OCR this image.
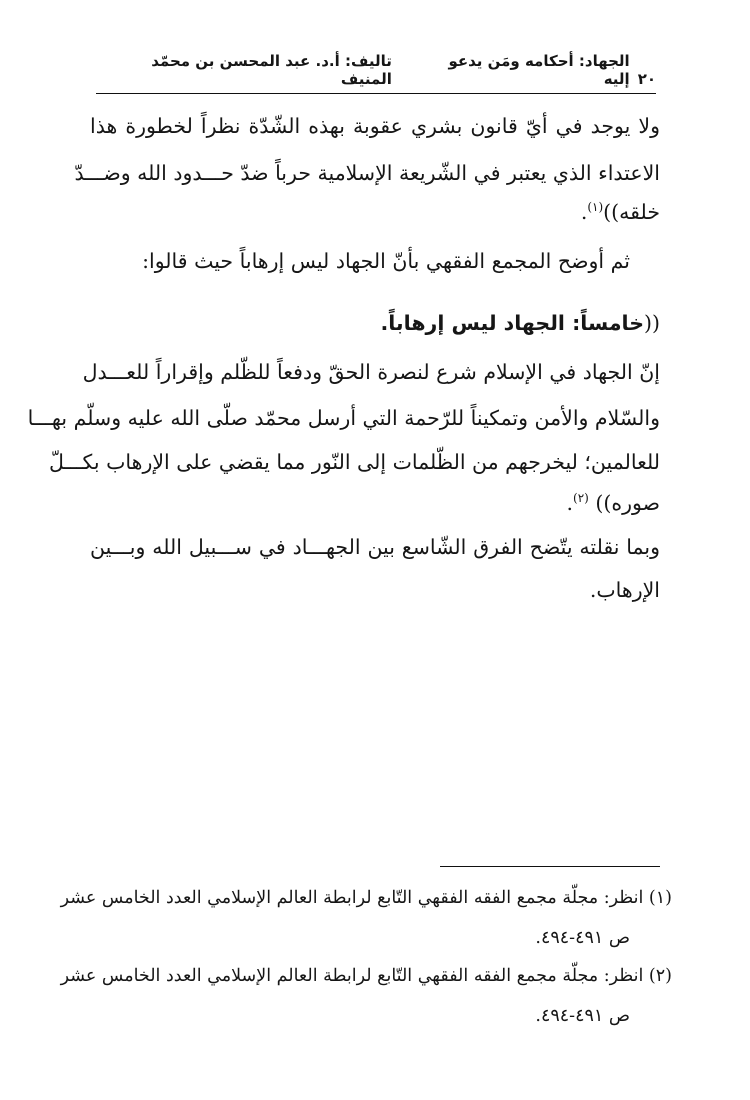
٢٠
الجهاد: أحكامه ومَن يدعو إليه
تاليف: أ.د. عبد المحسن بن محمّد المنيف
ولا يوجد في أيّ قانون بشري عقوبة بهذه الشّدّة نظراً لخطورة هذا
الاعتداء الذي يعتبر في الشّريعة الإسلامية حرباً ضدّ حـــدود الله وضـــدّ
خلقه))$^{(١)}$.
ثم أوضح المجمع الفقهي بأنّ الجهاد ليس إرهاباً حيث قالوا:
((خامساً: الجهاد ليس إرهاباً.
إنّ الجهاد في الإسلام شرع لنصرة الحقّ ودفعاً للظّلم وإقراراً للعـــدل
والسّلام والأمن وتمكيناً للرّحمة التي أرسل محمّد صلّى الله عليه وسلّم بهـــا
للعالمين؛ ليخرجهم من الظّلمات إلى النّور مما يقضي على الإرهاب بكـــلّ
صوره)) $^{(٢)}$.
وبما نقلته يتّضح الفرق الشّاسع بين الجهـــاد في ســـبيل الله وبـــين
الإرهاب.
(١) انظر: مجلّة مجمع الفقه الفقهي التّابع لرابطة العالم الإسلامي العدد الخامس عشر
ص ٤٩١-٤٩٤.
(٢) انظر: مجلّة مجمع الفقه الفقهي التّابع لرابطة العالم الإسلامي العدد الخامس عشر
ص ٤٩١-٤٩٤.
